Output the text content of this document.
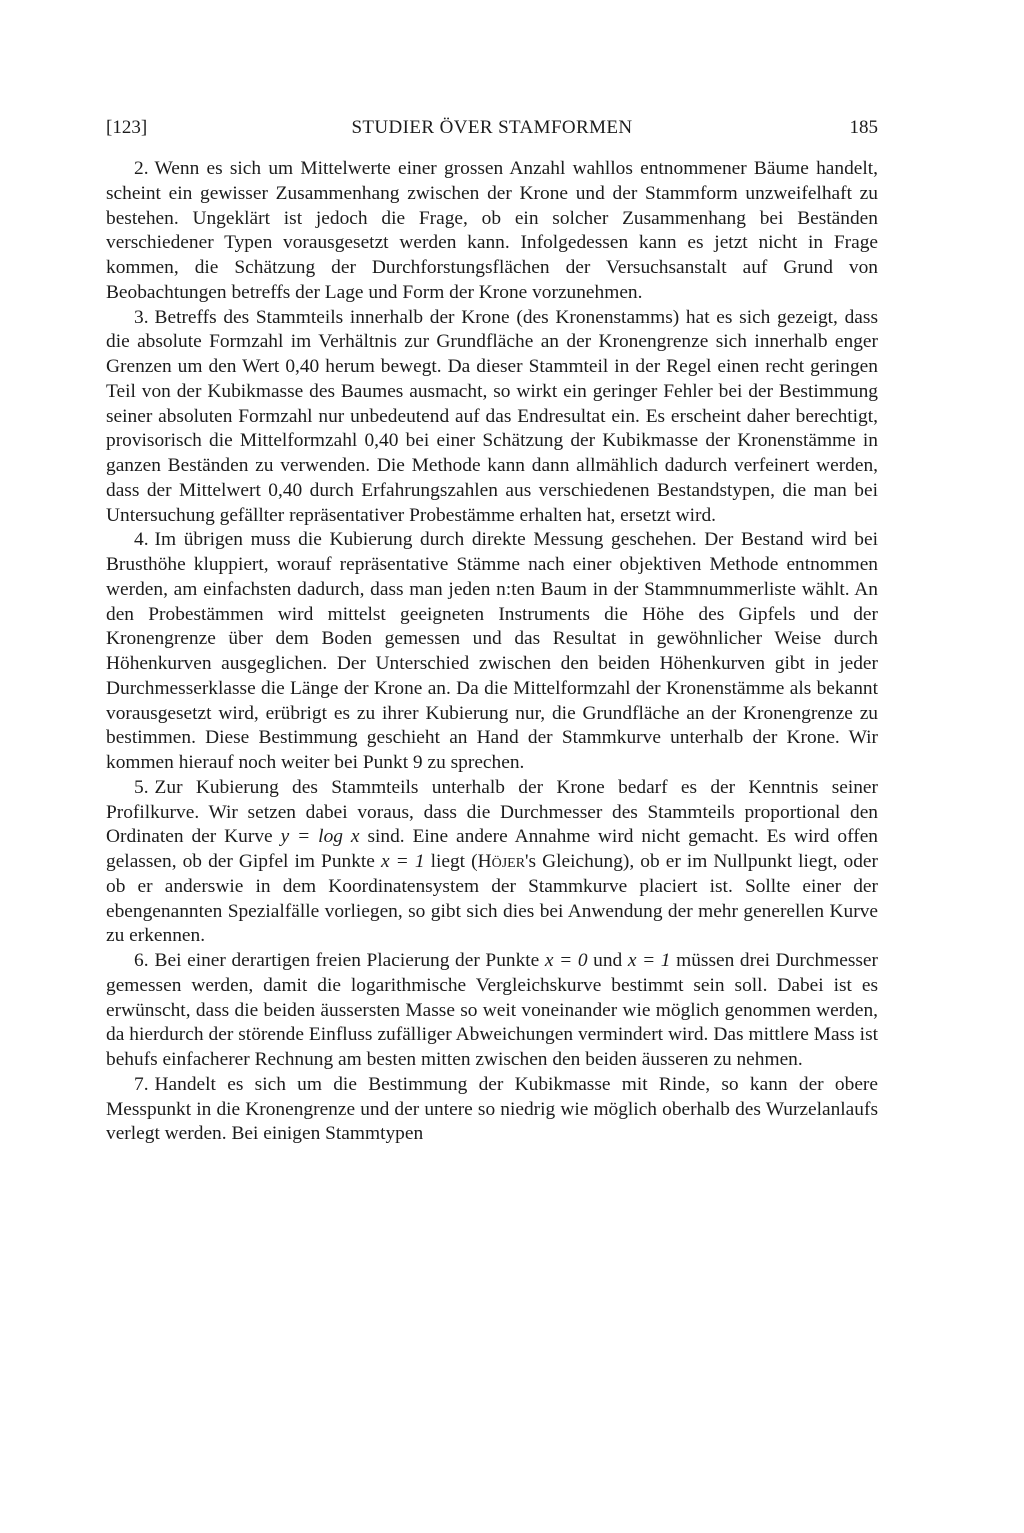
[123]	STUDIER ÖVER STAMFORMEN	185

2. Wenn es sich um Mittelwerte einer grossen Anzahl wahllos entnommener Bäume handelt, scheint ein gewisser Zusammenhang zwischen der Krone und der Stammform unzweifelhaft zu bestehen. Ungeklärt ist jedoch die Frage, ob ein solcher Zusammenhang bei Beständen verschiedener Typen vorausgesetzt werden kann. Infolgedessen kann es jetzt nicht in Frage kommen, die Schätzung der Durchforstungsflächen der Versuchsanstalt auf Grund von Beobachtungen betreffs der Lage und Form der Krone vorzunehmen.

3. Betreffs des Stammteils innerhalb der Krone (des Kronenstamms) hat es sich gezeigt, dass die absolute Formzahl im Verhältnis zur Grundfläche an der Kronengrenze sich innerhalb enger Grenzen um den Wert 0,40 herum bewegt. Da dieser Stammteil in der Regel einen recht geringen Teil von der Kubikmasse des Baumes ausmacht, so wirkt ein geringer Fehler bei der Bestimmung seiner absoluten Formzahl nur unbedeutend auf das Endresultat ein. Es erscheint daher berechtigt, provisorisch die Mittelformzahl 0,40 bei einer Schätzung der Kubikmasse der Kronenstämme in ganzen Beständen zu verwenden. Die Methode kann dann allmählich dadurch verfeinert werden, dass der Mittelwert 0,40 durch Erfahrungszahlen aus verschiedenen Bestandstypen, die man bei Untersuchung gefällter repräsentativer Probestämme erhalten hat, ersetzt wird.

4. Im übrigen muss die Kubierung durch direkte Messung geschehen. Der Bestand wird bei Brusthöhe kluppiert, worauf repräsentative Stämme nach einer objektiven Methode entnommen werden, am einfachsten dadurch, dass man jeden n:ten Baum in der Stammnummerliste wählt. An den Probestämmen wird mittelst geeigneten Instruments die Höhe des Gipfels und der Kronengrenze über dem Boden gemessen und das Resultat in gewöhnlicher Weise durch Höhenkurven ausgeglichen. Der Unterschied zwischen den beiden Höhenkurven gibt in jeder Durchmesserklasse die Länge der Krone an. Da die Mittelformzahl der Kronenstämme als bekannt vorausgesetzt wird, erübrigt es zu ihrer Kubierung nur, die Grundfläche an der Kronengrenze zu bestimmen. Diese Bestimmung geschieht an Hand der Stammkurve unterhalb der Krone. Wir kommen hierauf noch weiter bei Punkt 9 zu sprechen.

5. Zur Kubierung des Stammteils unterhalb der Krone bedarf es der Kenntnis seiner Profilkurve. Wir setzen dabei voraus, dass die Durchmesser des Stammteils proportional den Ordinaten der Kurve y = log x sind. Eine andere Annahme wird nicht gemacht. Es wird offen gelassen, ob der Gipfel im Punkte x = 1 liegt (Höjer's Gleichung), ob er im Nullpunkt liegt, oder ob er anderswie in dem Koordinatensystem der Stammkurve placiert ist. Sollte einer der ebengenannten Spezialfälle vorliegen, so gibt sich dies bei Anwendung der mehr generellen Kurve zu erkennen.

6. Bei einer derartigen freien Placierung der Punkte x = 0 und x = 1 müssen drei Durchmesser gemessen werden, damit die logarithmische Vergleichskurve bestimmt sein soll. Dabei ist es erwünscht, dass die beiden äussersten Masse so weit voneinander wie möglich genommen werden, da hierdurch der störende Einfluss zufälliger Abweichungen vermindert wird. Das mittlere Mass ist behufs einfacherer Rechnung am besten mitten zwischen den beiden äusseren zu nehmen.

7. Handelt es sich um die Bestimmung der Kubikmasse mit Rinde, so kann der obere Messpunkt in die Kronengrenze und der untere so niedrig wie möglich oberhalb des Wurzelanlaufs verlegt werden. Bei einigen Stammtypen
